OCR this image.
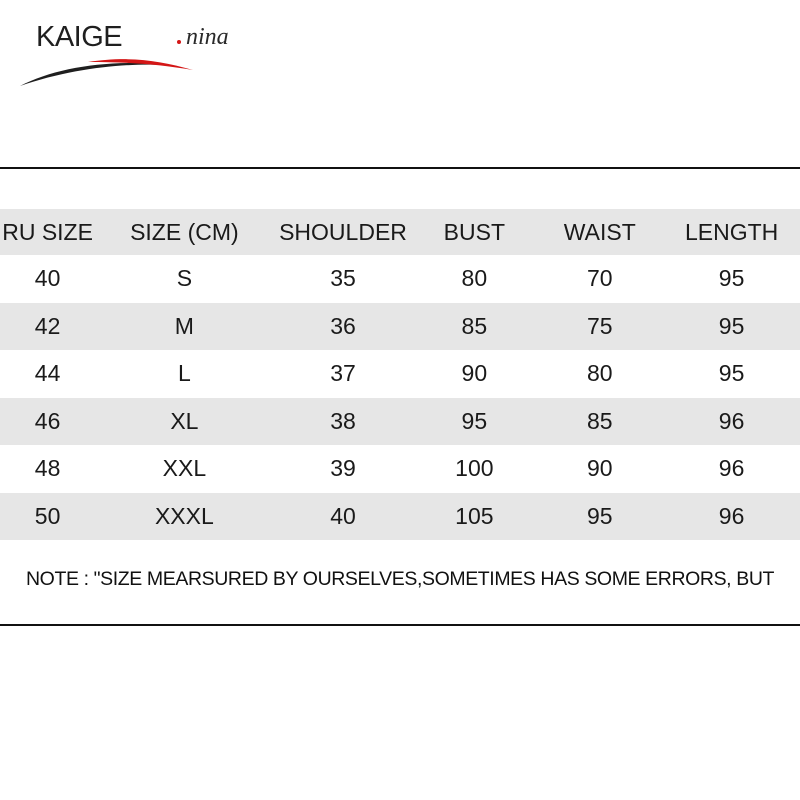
KAIGE	nina
RU SIZE	SIZE (CM)	SHOULDER	BUST	WAIST	LENGTH
40	S	35	80	70	95
42	M	36	85	75	95
44	L	37	90	80	95
46	XL	38	95	85	96
48	XXL	39	100	90	96
50	XXXL	40	105	95	96
NOTE : "SIZE MEARSURED BY OURSELVES,SOMETIMES HAS SOME ERRORS, BUT
